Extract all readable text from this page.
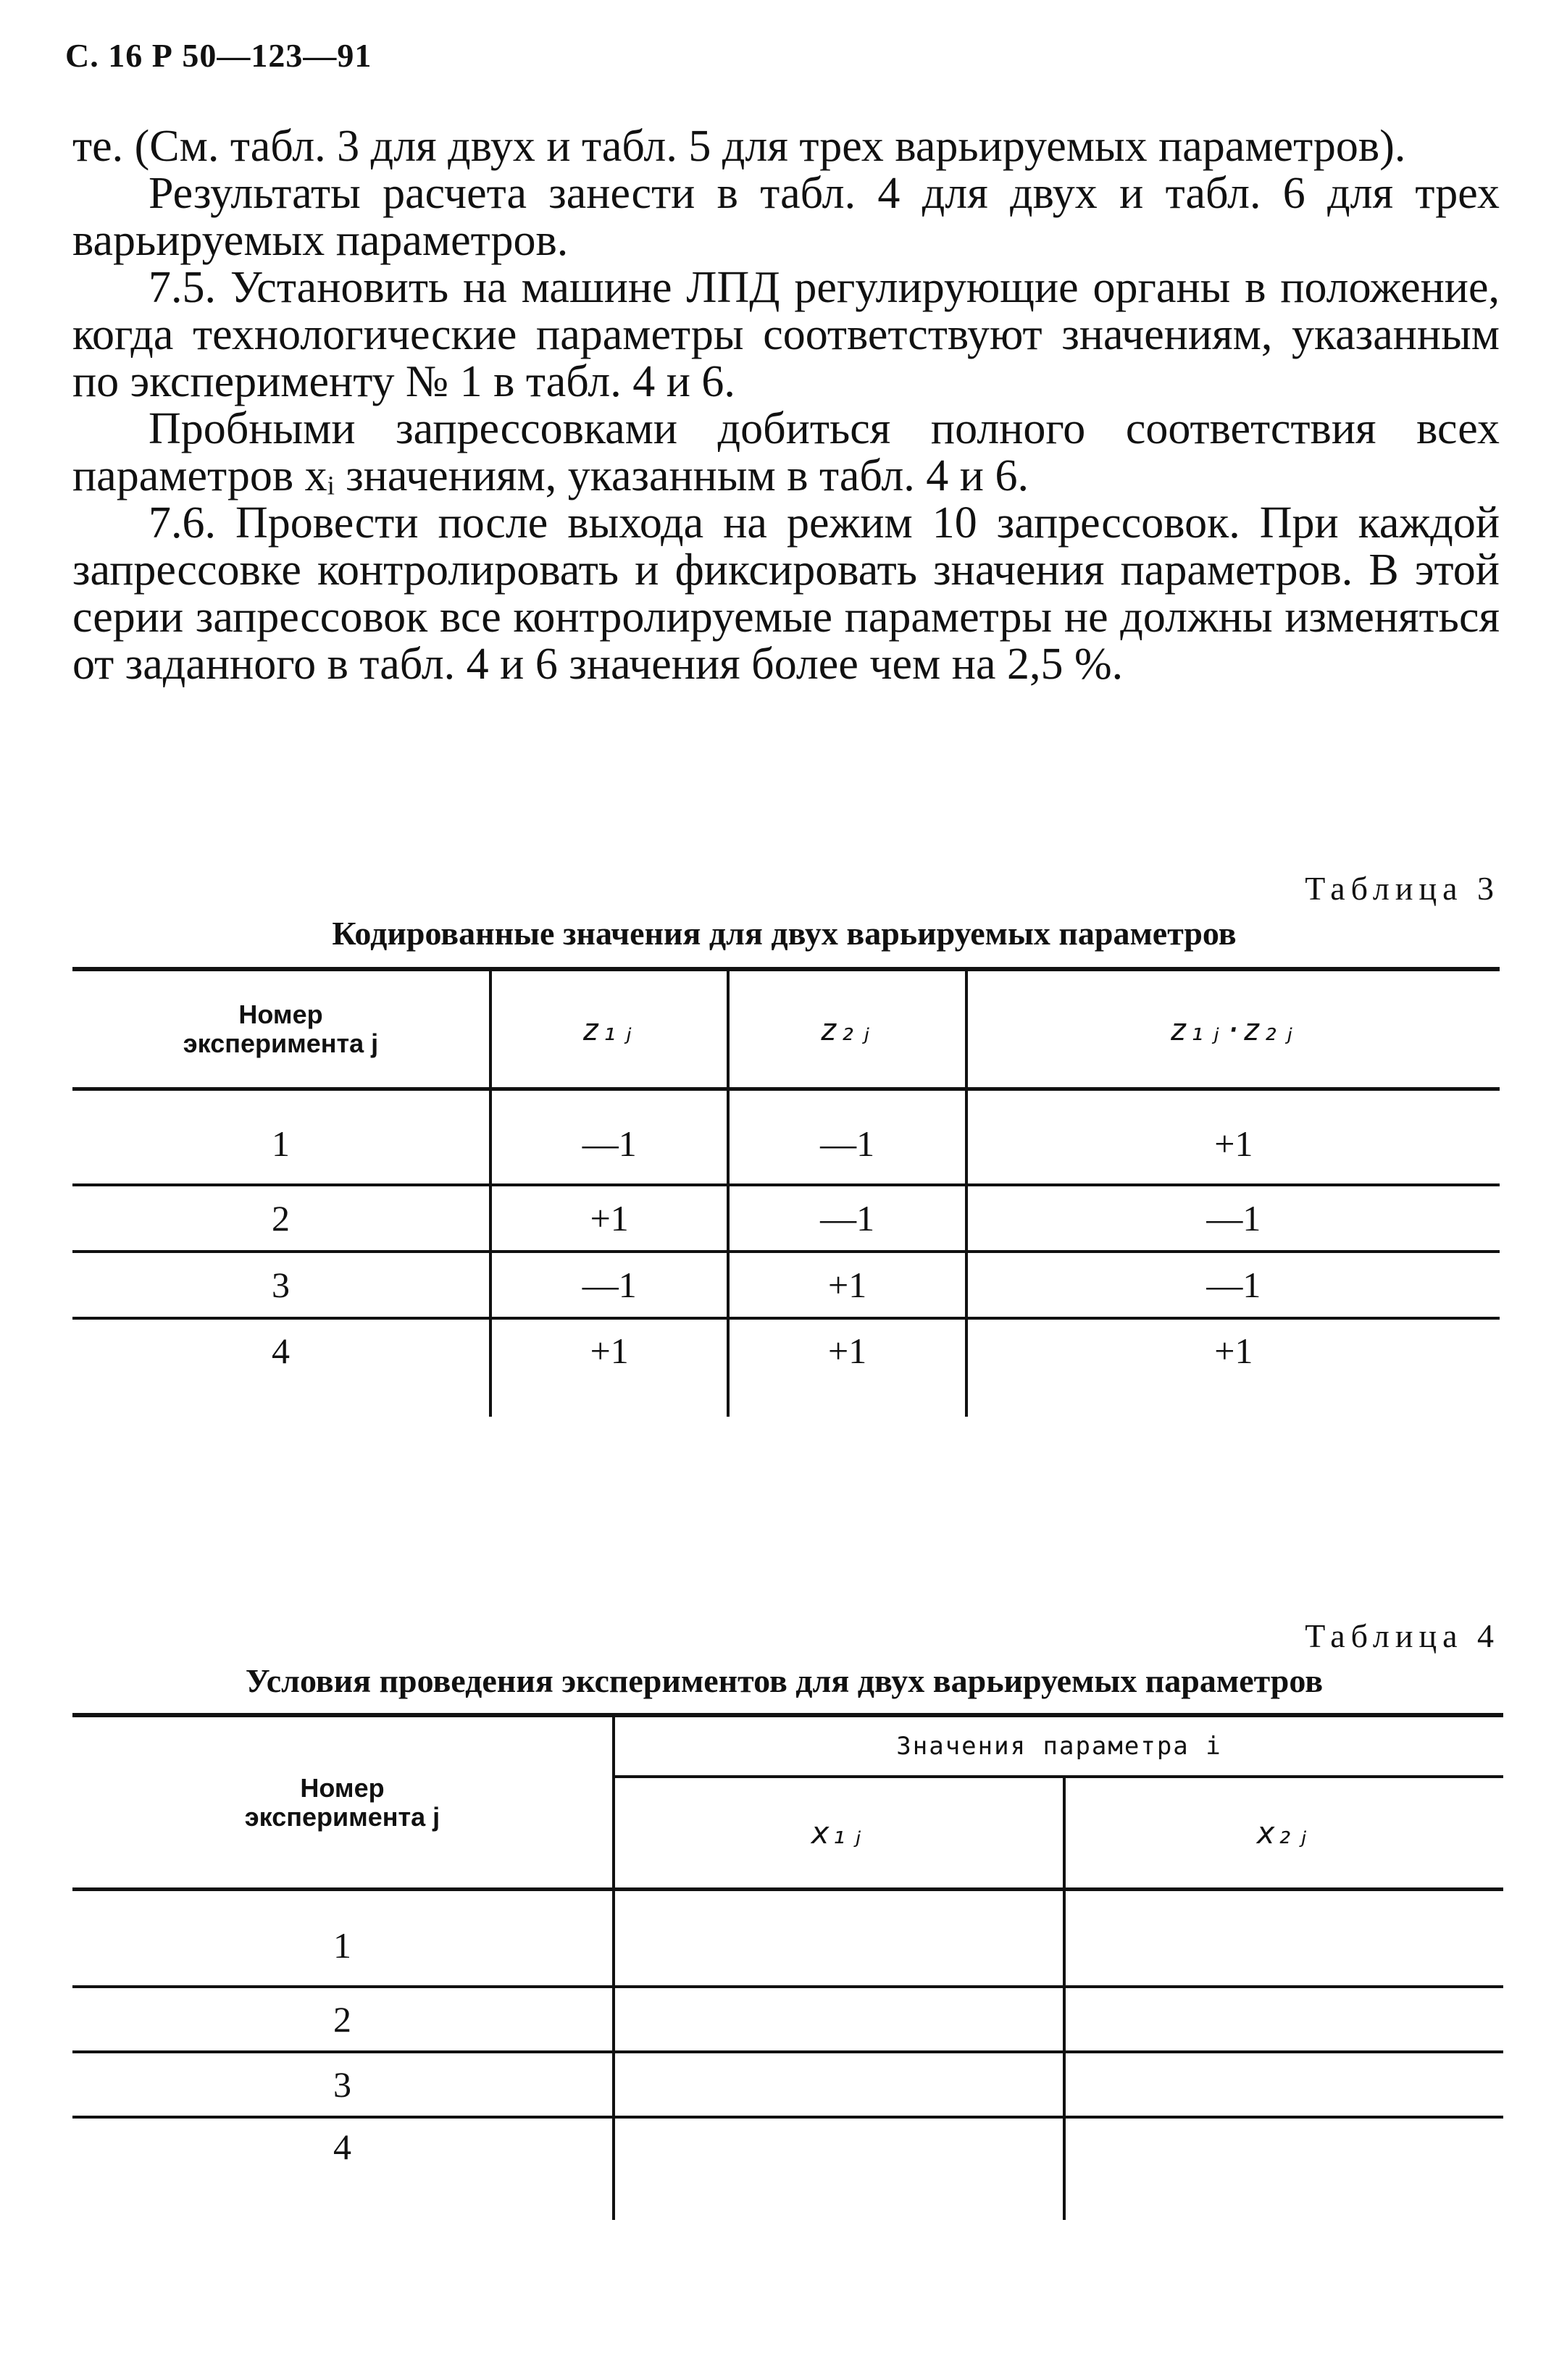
С. 16 Р 50—123—91

те. (См. табл. 3 для двух и табл. 5 для трех варьируемых параметров).

Результаты расчета занести в табл. 4 для двух и табл. 6 для трех варьируемых параметров.

7.5. Установить на машине ЛПД регулирующие органы в положение, когда технологические параметры соответствуют значениям, указанным по эксперименту № 1 в табл. 4 и 6.

Пробными запрессовками добиться полного соответствия всех параметров xᵢ значениям, указанным в табл. 4 и 6.

7.6. Провести после выхода на режим 10 запрессовок. При каждой запрессовке контролировать и фиксировать значения параметров. В этой серии запрессовок все контролируемые параметры не должны изменяться от заданного в табл. 4 и 6 значения более чем на 2,5 %.

Таблица 3
Кодированные значения для двух варьируемых параметров
Номер
эксперимента j	z₁ⱼ	z₂ⱼ	z₁ⱼ·z₂ⱼ
1	—1	—1	+1
2	+1	—1	—1
3	—1	+1	—1
4	+1	+1	+1
Таблица 4
Условия проведения экспериментов для двух варьируемых параметров
Номер
эксперимента j	Значения параметра i	
	x₁ⱼ	x₂ⱼ
1		
2		
3		
4		
